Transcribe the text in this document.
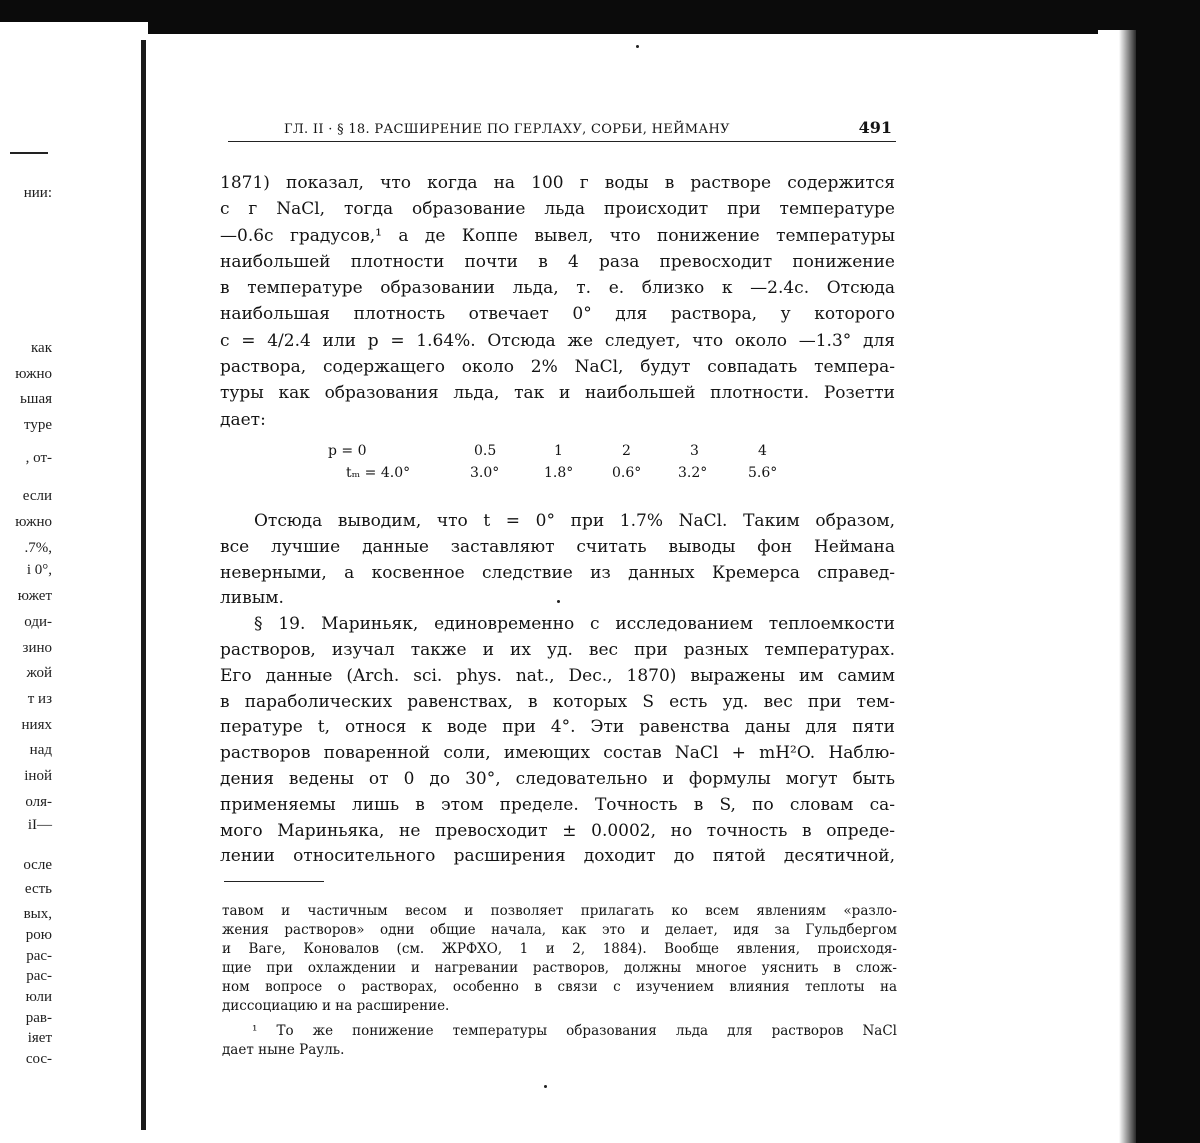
нии:
как
южно
ьшая
туре
, от-
если
южно
.7%,
і 0°,
южет
оди-
зино
жой
т из
ниях
над
іной
оля-
іІ—
осле
есть
вых,
рою
рас-
рас-
юли
рав-
іяет
сос-
ГЛ. II · § 18. РАСШИРЕНИЕ ПО ГЕРЛАХУ, СОРБИ, НЕЙМАНУ	491
1871) показал, что когда на 100 г воды в растворе содержится
c г NaCl, тогда образование льда происходит при температуре
—0.6c градусов,¹ а де Коппе вывел, что понижение температуры
наибольшей плотности почти в 4 раза превосходит понижение
в температуре образовании льда, т. е. близко к —2.4c. Отсюда
наибольшая плотность отвечает 0° для раствора, у которого
c = 4/2.4 или p = 1.64%. Отсюда же следует, что около —1.3° для
раствора, содержащего около 2% NaCl, будут совпадать темпера-
туры как образования льда, так и наибольшей плотности. Розетти
дает:
p = 0	0.5	1	2	3	4
tₘ = 4.0°	3.0°	1.8°	0.6°	3.2°	5.6°
Отсюда выводим, что t = 0° при 1.7% NaCl. Таким образом,
все лучшие данные заставляют считать выводы фон Неймана
неверными, а косвенное следствие из данных Кремерса справед-
ливым.
§ 19. Мариньяк, единовременно с исследованием теплоемкости
растворов, изучал также и их уд. вес при разных температурах.
Его данные (Arch. sci. phys. nat., Dec., 1870) выражены им самим
в параболических равенствах, в которых S есть уд. вес при тем-
пературе t, относя к воде при 4°. Эти равенства даны для пяти
растворов поваренной соли, имеющих состав NaCl + mH²O. Наблю-
дения ведены от 0 до 30°, следовательно и формулы могут быть
применяемы лишь в этом пределе. Точность в S, по словам са-
мого Мариньяка, не превосходит ± 0.0002, но точность в опреде-
лении относительного расширения доходит до пятой десятичной,
тавом и частичным весом и позволяет прилагать ко всем явлениям «разло-
жения растворов» одни общие начала, как это и делает, идя за Гульдбергом
и Ваге, Коновалов (см. ЖРФХО, 1 и 2, 1884). Вообще явления, происходя-
щие при охлаждении и нагревании растворов, должны многое уяснить в слож-
ном вопросе о растворах, особенно в связи с изучением влияния теплоты на
диссоциацию и на расширение.
¹ То же понижение температуры образования льда для растворов NaCl
дает ныне Рауль.
